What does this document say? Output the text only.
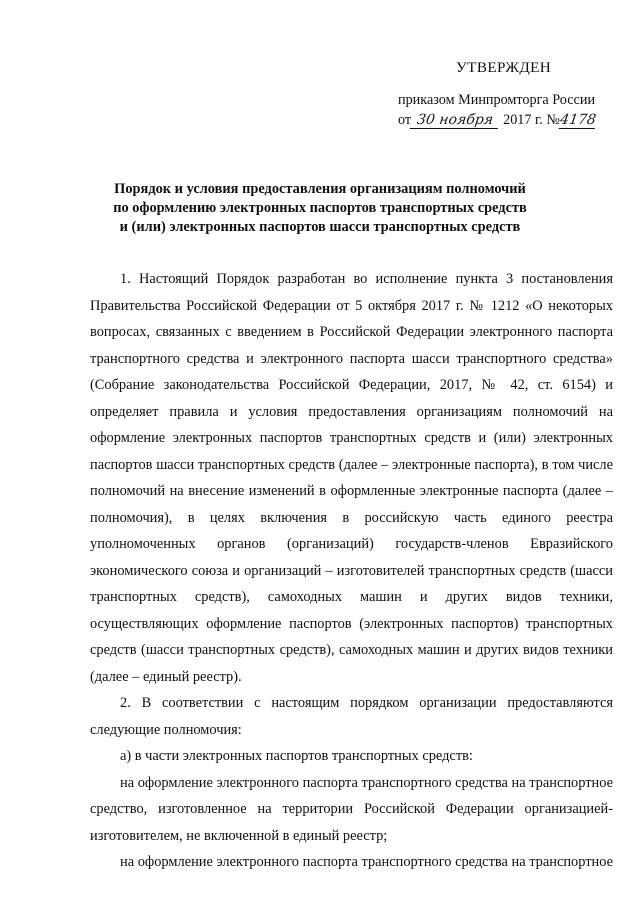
УТВЕРЖДЕН
приказом Минпромторга России
от 30 ноября 2017 г. № 4178
Порядок и условия предоставления организациям полномочий
по оформлению электронных паспортов транспортных средств
и (или) электронных паспортов шасси транспортных средств
1. Настоящий Порядок разработан во исполнение пункта 3 постановления Правительства Российской Федерации от 5 октября 2017 г. № 1212 «О некоторых вопросах, связанных с введением в Российской Федерации электронного паспорта транспортного средства и электронного паспорта шасси транспортного средства» (Собрание законодательства Российской Федерации, 2017, № 42, ст. 6154) и определяет правила и условия предоставления организациям полномочий на оформление электронных паспортов транспортных средств и (или) электронных паспортов шасси транспортных средств (далее – электронные паспорта), в том числе полномочий на внесение изменений в оформленные электронные паспорта (далее – полномочия), в целях включения в российскую часть единого реестра уполномоченных органов (организаций) государств-членов Евразийского экономического союза и организаций – изготовителей транспортных средств (шасси транспортных средств), самоходных машин и других видов техники, осуществляющих оформление паспортов (электронных паспортов) транспортных средств (шасси транспортных средств), самоходных машин и других видов техники (далее – единый реестр).
2. В соответствии с настоящим порядком организации предоставляются следующие полномочия:
а) в части электронных паспортов транспортных средств:
на оформление электронного паспорта транспортного средства на транспортное средство, изготовленное на территории Российской Федерации организацией-изготовителем, не включенной в единый реестр;
на оформление электронного паспорта транспортного средства на транспортное
